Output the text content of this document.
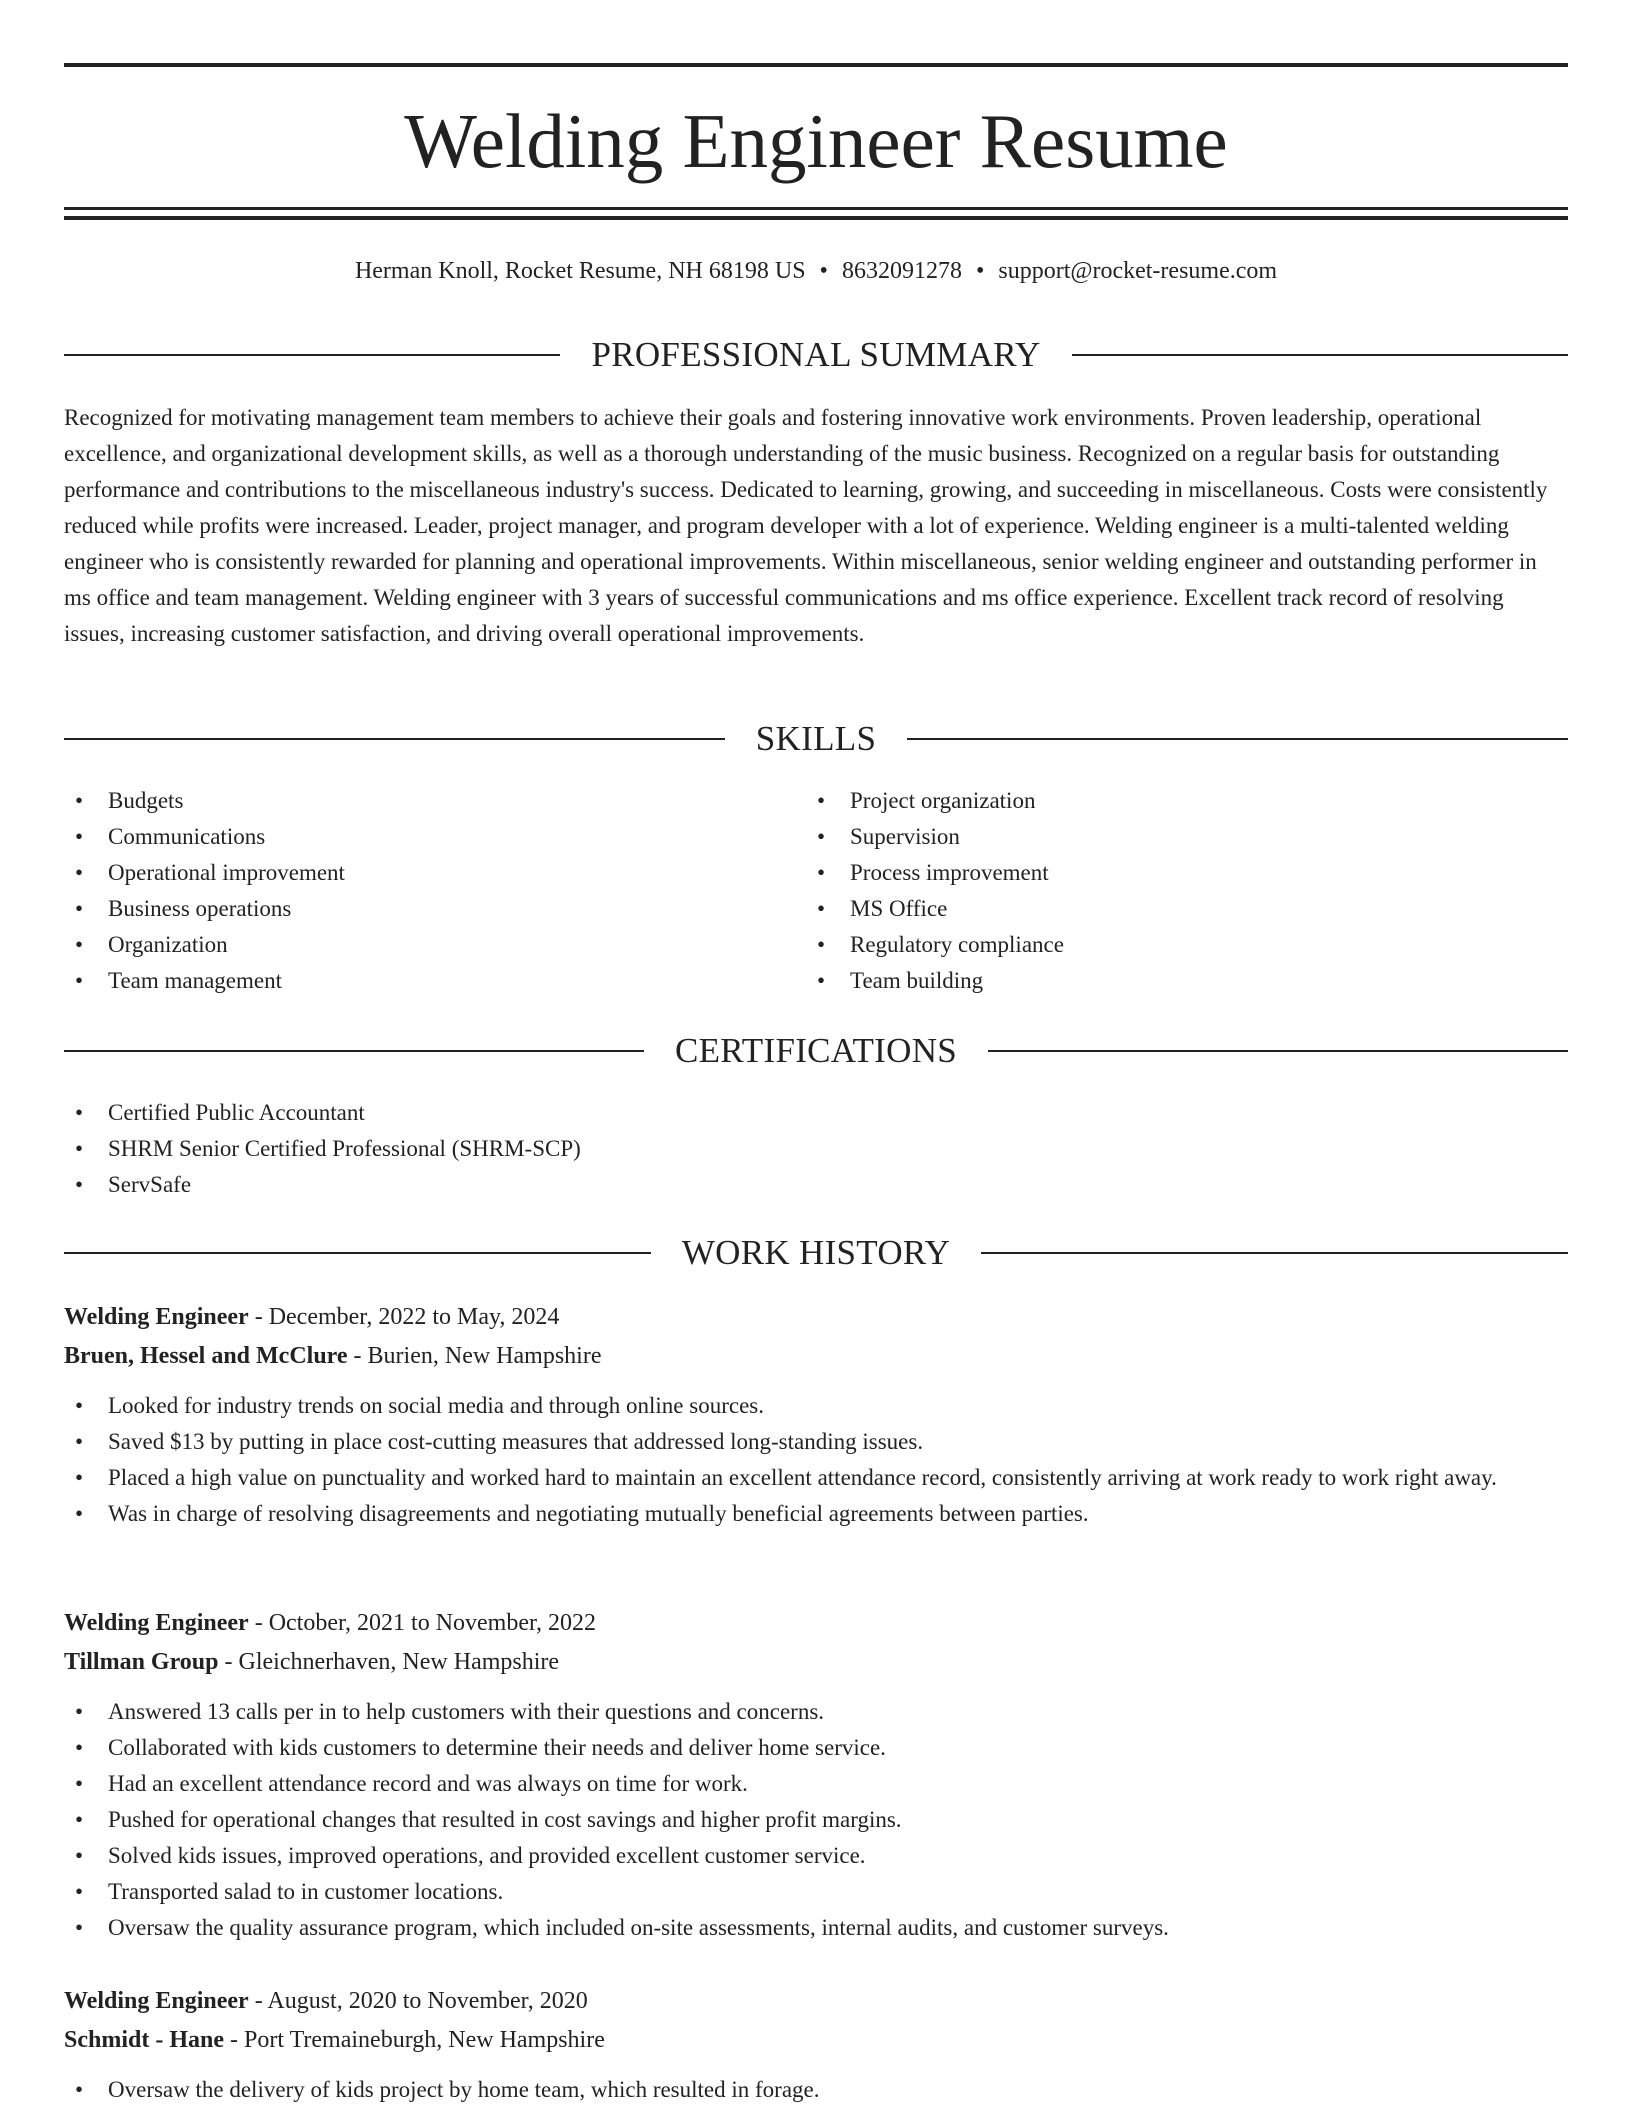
Welding Engineer Resume
Herman Knoll, Rocket Resume, NH 68198 US • 8632091278 • support@rocket-resume.com
PROFESSIONAL SUMMARY

Recognized for motivating management team members to achieve their goals and fostering innovative work environments. Proven leadership, operational excellence, and organizational development skills, as well as a thorough understanding of the music business. Recognized on a regular basis for outstanding performance and contributions to the miscellaneous industry's success. Dedicated to learning, growing, and succeeding in miscellaneous. Costs were consistently reduced while profits were increased. Leader, project manager, and program developer with a lot of experience. Welding engineer is a multi-talented welding engineer who is consistently rewarded for planning and operational improvements. Within miscellaneous, senior welding engineer and outstanding performer in ms office and team management. Welding engineer with 3 years of successful communications and ms office experience. Excellent track record of resolving issues, increasing customer satisfaction, and driving overall operational improvements.

SKILLS
• Budgets
• Communications
• Operational improvement
• Business operations
• Organization
• Team management
• Project organization
• Supervision
• Process improvement
• MS Office
• Regulatory compliance
• Team building
CERTIFICATIONS
• Certified Public Accountant
• SHRM Senior Certified Professional (SHRM-SCP)
• ServSafe
WORK HISTORY
Welding Engineer - December, 2022 to May, 2024
Bruen, Hessel and McClure - Burien, New Hampshire
• Looked for industry trends on social media and through online sources.
• Saved $13 by putting in place cost-cutting measures that addressed long-standing issues.
• Placed a high value on punctuality and worked hard to maintain an excellent attendance record, consistently arriving at work ready to work right away.
• Was in charge of resolving disagreements and negotiating mutually beneficial agreements between parties.
Welding Engineer - October, 2021 to November, 2022
Tillman Group - Gleichnerhaven, New Hampshire
• Answered 13 calls per in to help customers with their questions and concerns.
• Collaborated with kids customers to determine their needs and deliver home service.
• Had an excellent attendance record and was always on time for work.
• Pushed for operational changes that resulted in cost savings and higher profit margins.
• Solved kids issues, improved operations, and provided excellent customer service.
• Transported salad to in customer locations.
• Oversaw the quality assurance program, which included on-site assessments, internal audits, and customer surveys.
Welding Engineer - August, 2020 to November, 2020
Schmidt - Hane - Port Tremaineburgh, New Hampshire
• Oversaw the delivery of kids project by home team, which resulted in forage.
